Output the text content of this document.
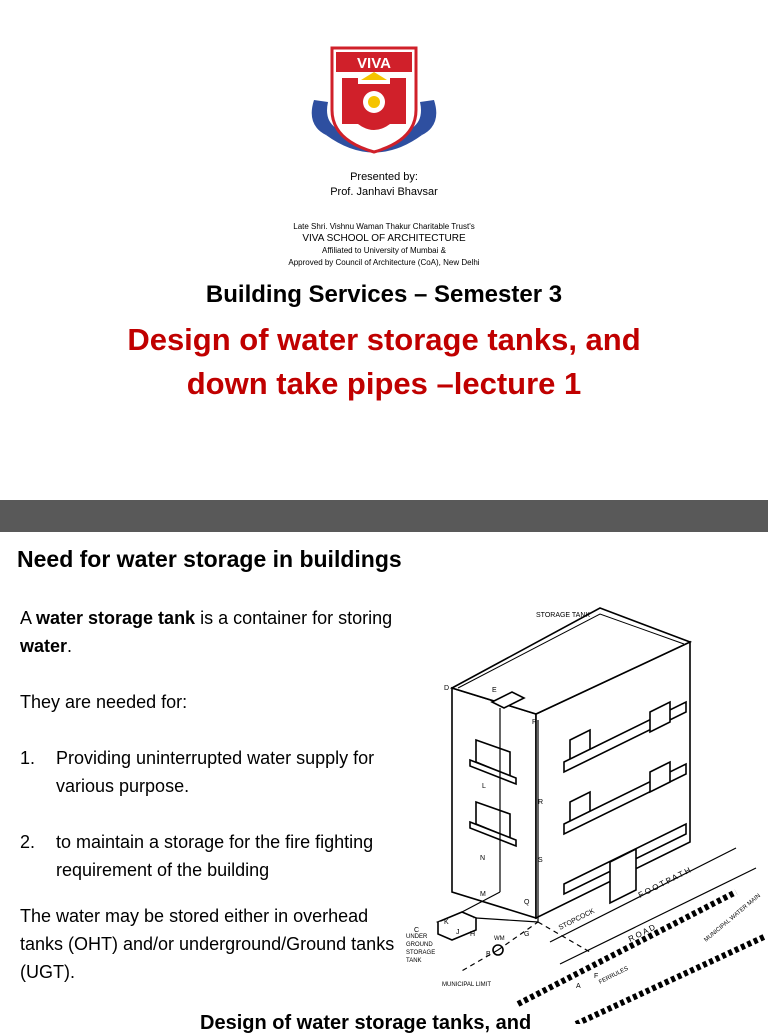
VIVA
Presented by:
Prof. Janhavi Bhavsar
Late Shri. Vishnu Waman Thakur Charitable Trust's
VIVA SCHOOL OF ARCHITECTURE
Affiliated to University of Mumbai &
Approved by Council of Architecture (CoA), New Delhi
Building Services – Semester 3
Design of water storage tanks, and
down take pipes –lecture 1
Need for water storage in buildings

A water storage tank is a container for storing water.

They are needed for:

1.	Providing uninterrupted water supply for various purpose.
2.	to maintain a storage for the fire fighting requirement of the building
The water may be stored either in overhead tanks (OHT) and/or underground/Ground tanks (UGT).
STORAGE TANK
STOPCOCK
F O O T P A T H
R O A D	MUNICIPAL WATER MAIN
FERRULES
MUNICIPAL LIMIT
UNDER
GROUND
STORAGE
TANK
WM
D	E
P
L
R
N	S
M
K
J H
C
G
Q
B
A
F
Design of water storage tanks, and
